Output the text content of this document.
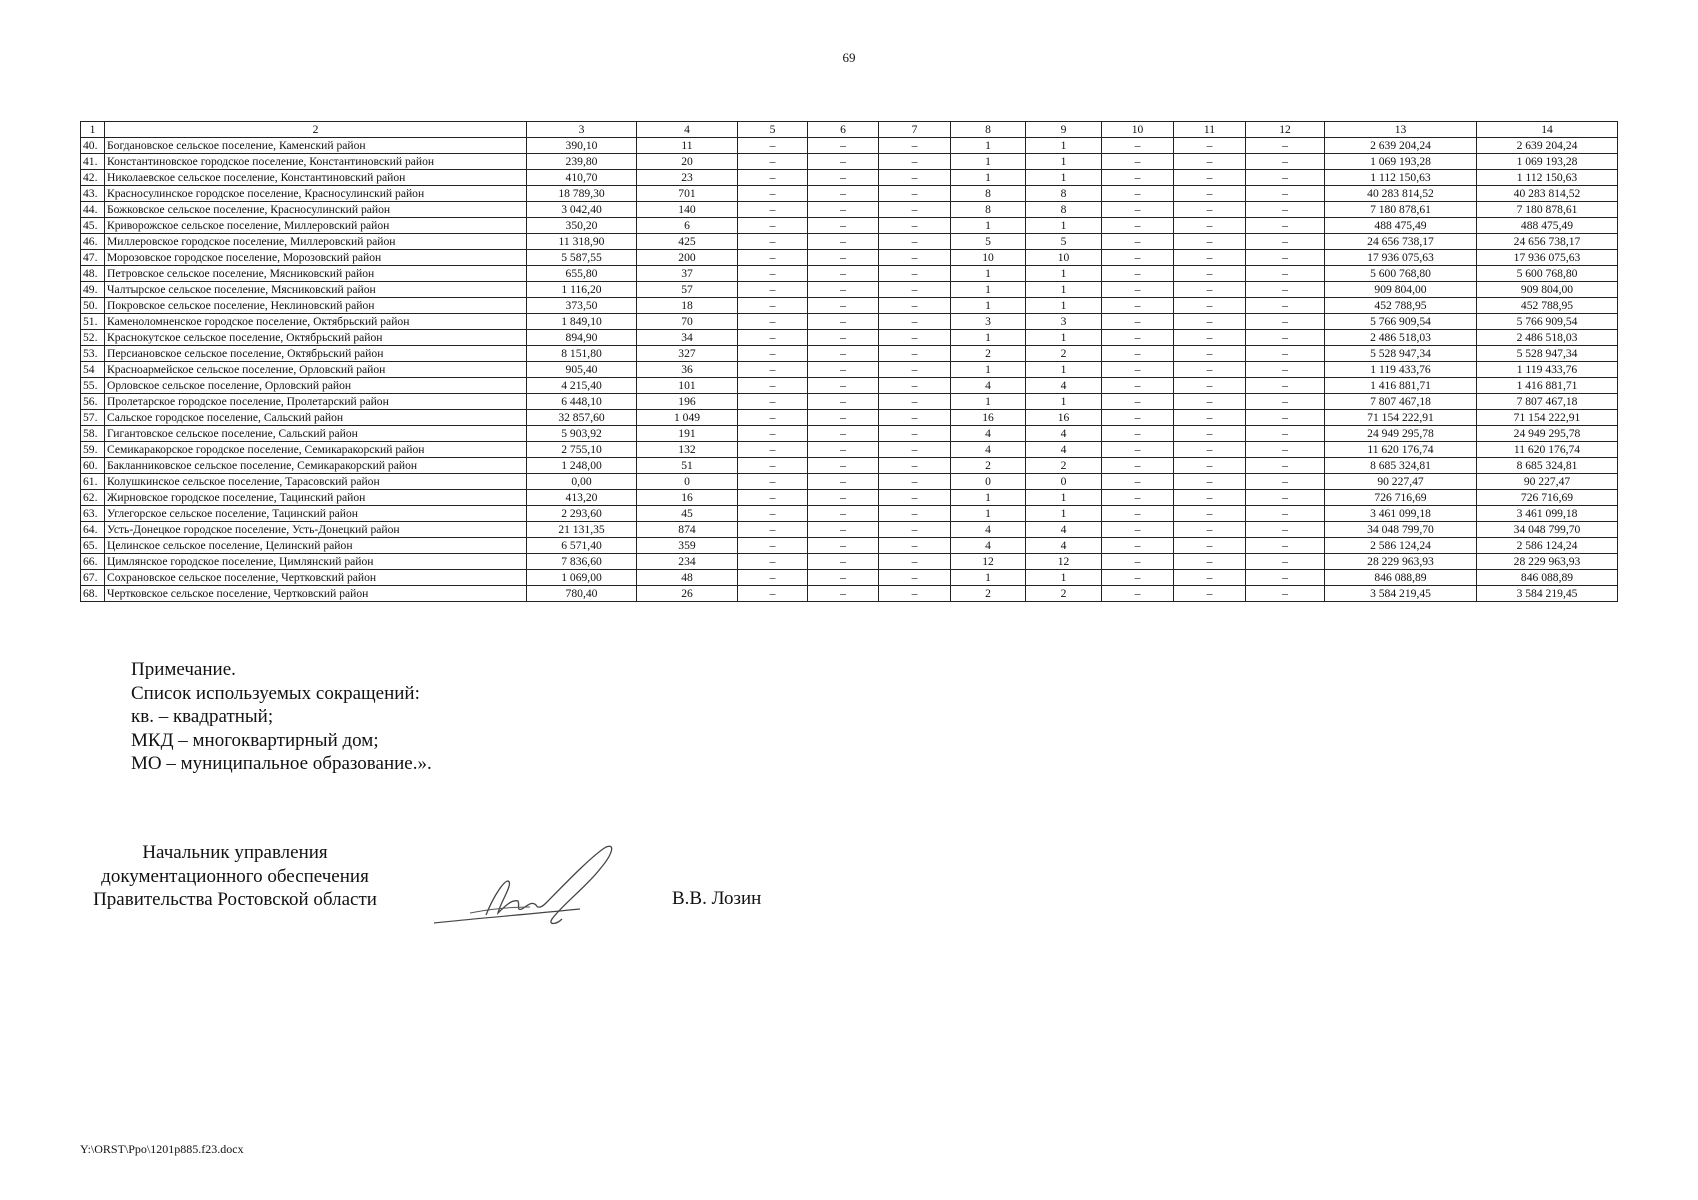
69
1	2	3	4	5	6	7	8	9	10	11	12	13	14
40.	Богдановское сельское поселение, Каменский район	390,10	11	–	–	–	1	1	–	–	–	2 639 204,24	2 639 204,24
41.	Константиновское городское поселение, Константиновский район	239,80	20	–	–	–	1	1	–	–	–	1 069 193,28	1 069 193,28
42.	Николаевское сельское поселение, Константиновский район	410,70	23	–	–	–	1	1	–	–	–	1 112 150,63	1 112 150,63
43.	Красносулинское городское поселение, Красносулинский район	18 789,30	701	–	–	–	8	8	–	–	–	40 283 814,52	40 283 814,52
44.	Божковское сельское поселение, Красносулинский район	3 042,40	140	–	–	–	8	8	–	–	–	7 180 878,61	7 180 878,61
45.	Криворожское сельское поселение, Миллеровский район	350,20	6	–	–	–	1	1	–	–	–	488 475,49	488 475,49
46.	Миллеровское городское поселение, Миллеровский район	11 318,90	425	–	–	–	5	5	–	–	–	24 656 738,17	24 656 738,17
47.	Морозовское городское поселение, Морозовский район	5 587,55	200	–	–	–	10	10	–	–	–	17 936 075,63	17 936 075,63
48.	Петровское сельское поселение, Мясниковский район	655,80	37	–	–	–	1	1	–	–	–	5 600 768,80	5 600 768,80
49.	Чалтырское сельское поселение, Мясниковский район	1 116,20	57	–	–	–	1	1	–	–	–	909 804,00	909 804,00
50.	Покровское сельское поселение, Неклиновский район	373,50	18	–	–	–	1	1	–	–	–	452 788,95	452 788,95
51.	Каменоломненское городское поселение, Октябрьский район	1 849,10	70	–	–	–	3	3	–	–	–	5 766 909,54	5 766 909,54
52.	Краснокутское сельское поселение, Октябрьский район	894,90	34	–	–	–	1	1	–	–	–	2 486 518,03	2 486 518,03
53.	Персиановское сельское поселение, Октябрьский район	8 151,80	327	–	–	–	2	2	–	–	–	5 528 947,34	5 528 947,34
54	Красноармейское сельское поселение, Орловский район	905,40	36	–	–	–	1	1	–	–	–	1 119 433,76	1 119 433,76
55.	Орловское сельское поселение, Орловский район	4 215,40	101	–	–	–	4	4	–	–	–	1 416 881,71	1 416 881,71
56.	Пролетарское городское поселение, Пролетарский район	6 448,10	196	–	–	–	1	1	–	–	–	7 807 467,18	7 807 467,18
57.	Сальское городское поселение, Сальский район	32 857,60	1 049	–	–	–	16	16	–	–	–	71 154 222,91	71 154 222,91
58.	Гигантовское сельское поселение, Сальский район	5 903,92	191	–	–	–	4	4	–	–	–	24 949 295,78	24 949 295,78
59.	Семикаракорское городское поселение, Семикаракорский район	2 755,10	132	–	–	–	4	4	–	–	–	11 620 176,74	11 620 176,74
60.	Бакланниковское сельское поселение, Семикаракорский район	1 248,00	51	–	–	–	2	2	–	–	–	8 685 324,81	8 685 324,81
61.	Колушкинское сельское поселение, Тарасовский район	0,00	0	–	–	–	0	0	–	–	–	90 227,47	90 227,47
62.	Жирновское городское поселение, Тацинский район	413,20	16	–	–	–	1	1	–	–	–	726 716,69	726 716,69
63.	Углегорское сельское поселение, Тацинский район	2 293,60	45	–	–	–	1	1	–	–	–	3 461 099,18	3 461 099,18
64.	Усть-Донецкое городское поселение, Усть-Донецкий район	21 131,35	874	–	–	–	4	4	–	–	–	34 048 799,70	34 048 799,70
65.	Целинское сельское поселение, Целинский район	6 571,40	359	–	–	–	4	4	–	–	–	2 586 124,24	2 586 124,24
66.	Цимлянское городское поселение, Цимлянский район	7 836,60	234	–	–	–	12	12	–	–	–	28 229 963,93	28 229 963,93
67.	Сохрановское сельское поселение, Чертковский район	1 069,00	48	–	–	–	1	1	–	–	–	846 088,89	846 088,89
68.	Чертковское сельское поселение, Чертковский район	780,40	26	–	–	–	2	2	–	–	–	3 584 219,45	3 584 219,45
Примечание.
Список используемых сокращений:
кв. – квадратный;
МКД – многоквартирный дом;
МО – муниципальное образование.».
Начальник управления
документационного обеспечения
Правительства Ростовской области	В.В. Лозин
Y:\ORST\Ppo\1201p885.f23.docx
